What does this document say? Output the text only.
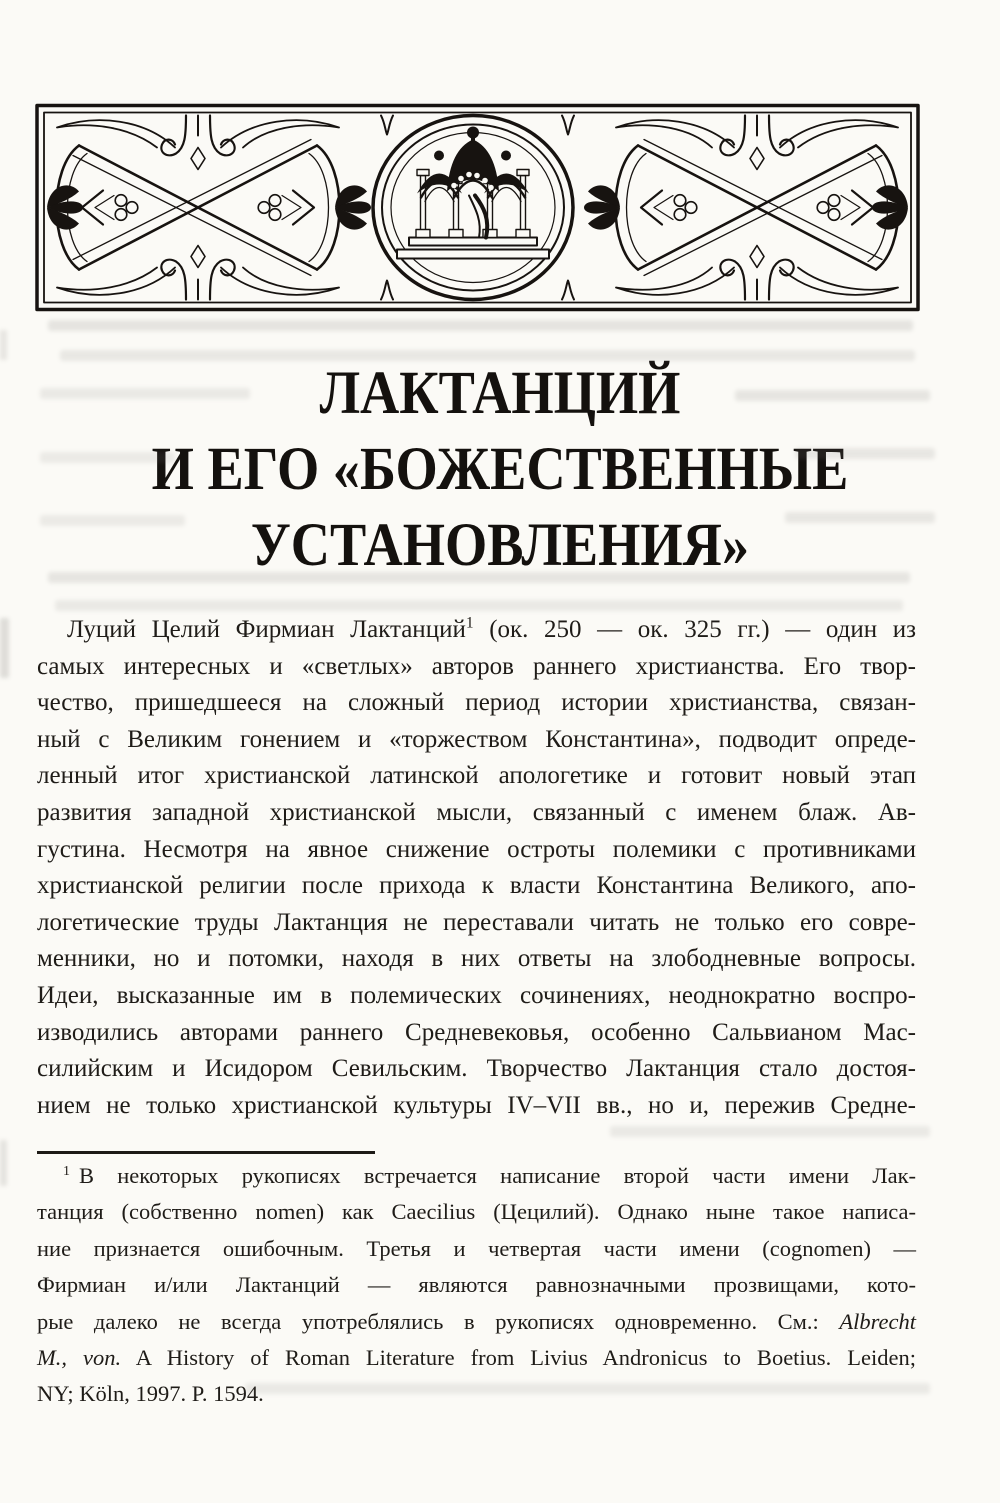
ЛАКТАНЦИЙ
И ЕГО «БОЖЕСТВЕННЫЕ
УСТАНОВЛЕНИЯ»
Луций Целий Фирмиан Лактанций$^1$ (ок. 250 — ок. 325 гг.) — один из
самых интересных и «светлых» авторов раннего христианства. Его твор-
чество, пришедшееся на сложный период истории христианства, связан-
ный с Великим гонением и «торжеством Константина», подводит опреде-
ленный итог христианской латинской апологетике и готовит новый этап
развития западной христианской мысли, связанный с именем блаж. Ав-
густина. Несмотря на явное снижение остроты полемики с противниками
христианской религии после прихода к власти Константина Великого, апо-
логетические труды Лактанция не переставали читать не только его совре-
менники, но и потомки, находя в них ответы на злободневные вопросы.
Идеи, высказанные им в полемических сочинениях, неоднократно воспро-
изводились авторами раннего Средневековья, особенно Сальвианом Мас-
силийским и Исидором Севильским. Творчество Лактанция стало достоя-
нием не только христианской культуры IV–VII вв., но и, пережив Средне-
$^1$ В некоторых рукописях встречается написание второй части имени Лак-
танция (собственно nomen) как Caecilius (Цецилий). Однако ныне такое написа-
ние признается ошибочным. Третья и четвертая части имени (cognomen) —
Фирмиан и/или Лактанций — являются равнозначными прозвищами, кото-
рые далеко не всегда употреблялись в рукописях одновременно. См.: Albrecht
M., von. A History of Roman Literature from Livius Andronicus to Boetius. Leiden;
NY; Köln, 1997. P. 1594.
